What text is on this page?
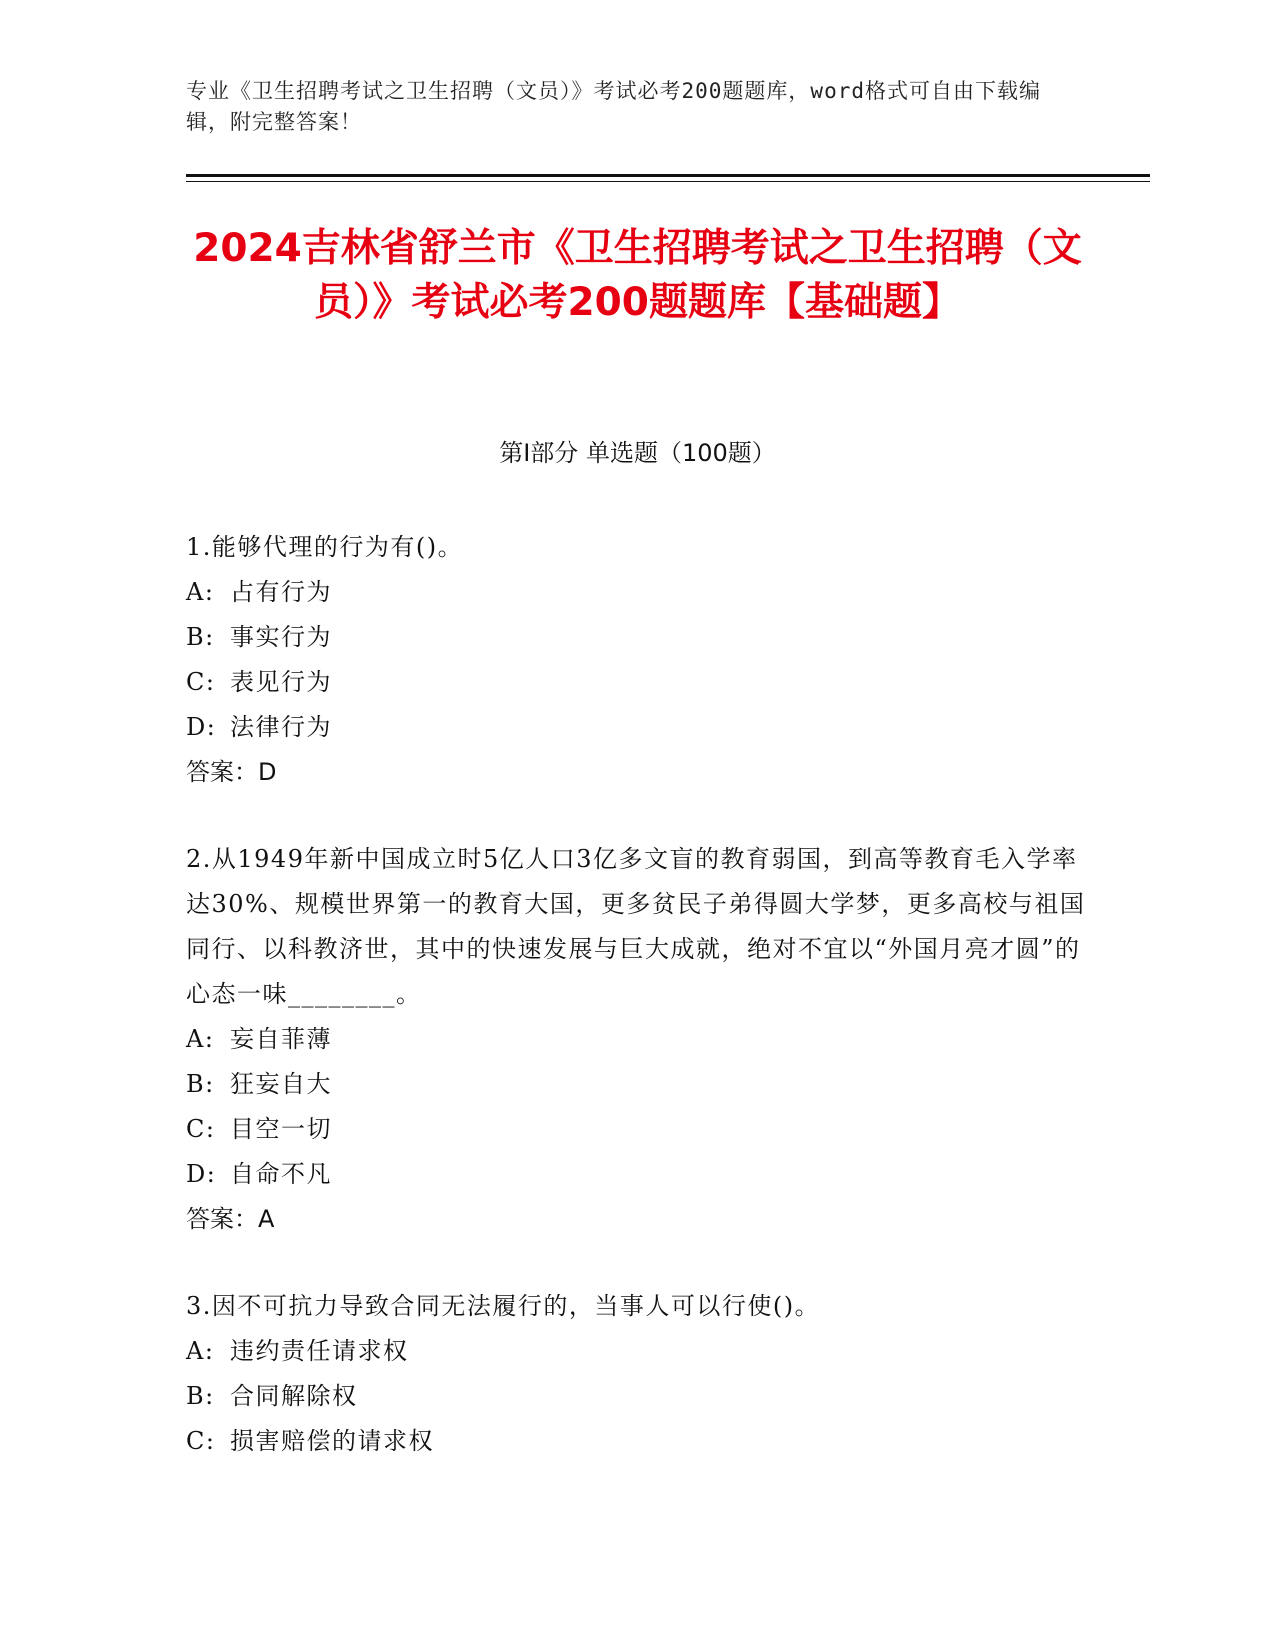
专业《卫生招聘考试之卫生招聘（文员）》考试必考200题题库，word格式可自由下载编辑，附完整答案！
2024吉林省舒兰市《卫生招聘考试之卫生招聘（文员）》考试必考200题题库【基础题】
第I部分 单选题（100题）

1.能够代理的行为有()。

A: 占有行为

B: 事实行为

C: 表见行为

D: 法律行为

答案：D

2.从1949年新中国成立时5亿人口3亿多文盲的教育弱国，到高等教育毛入学率达30%、规模世界第一的教育大国，更多贫民子弟得圆大学梦，更多高校与祖国同行、以科教济世，其中的快速发展与巨大成就，绝对不宜以“外国月亮才圆”的心态一味________。

A: 妄自菲薄

B: 狂妄自大

C: 目空一切

D: 自命不凡

答案：A

3.因不可抗力导致合同无法履行的，当事人可以行使()。

A: 违约责任请求权

B: 合同解除权

C: 损害赔偿的请求权
